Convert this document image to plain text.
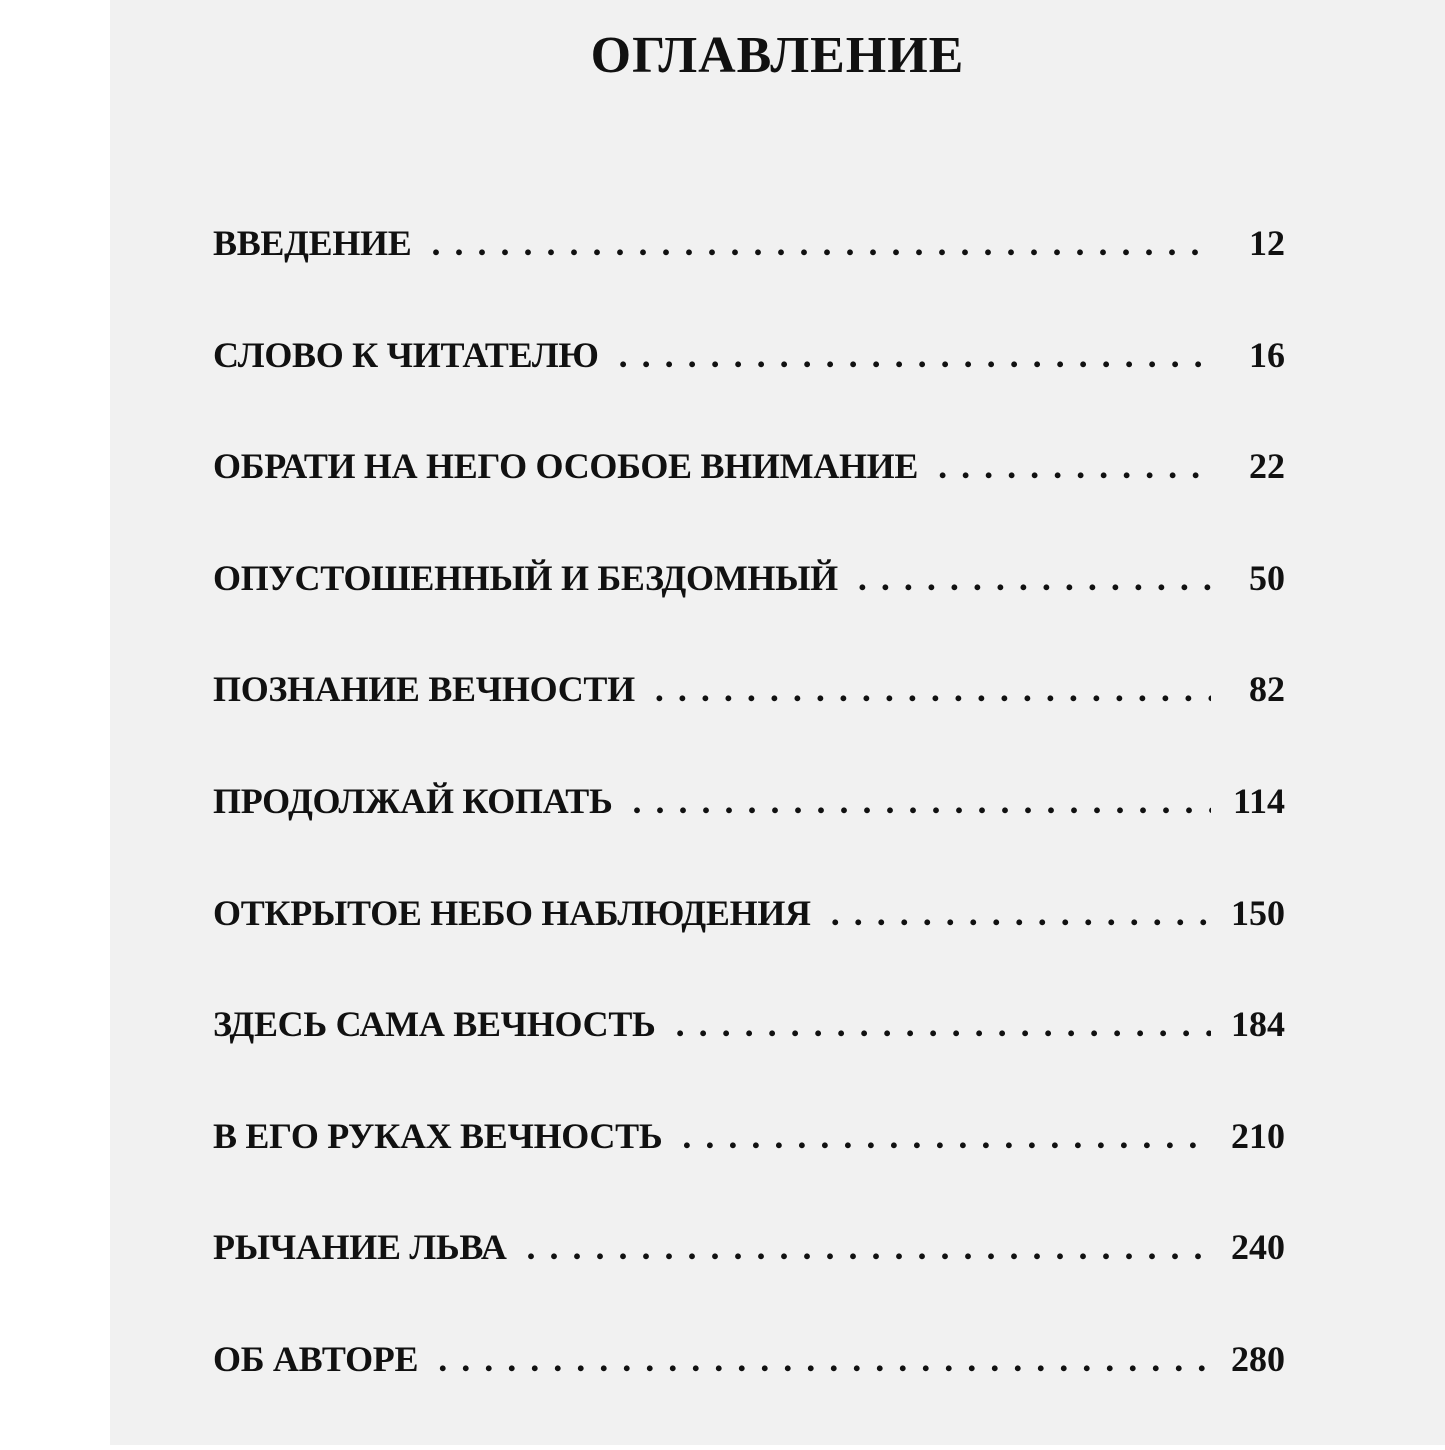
ОГЛАВЛЕНИЕ
ВВЕДЕНИЕ .....	12
СЛОВО К ЧИТАТЕЛЮ .....	16
ОБРАТИ НА НЕГО ОСОБОЕ ВНИМАНИЕ .....	22
ОПУСТОШЕННЫЙ И БЕЗДОМНЫЙ .....	50
ПОЗНАНИЕ ВЕЧНОСТИ .....	82
ПРОДОЛЖАЙ КОПАТЬ .....	114
ОТКРЫТОЕ НЕБО НАБЛЮДЕНИЯ .....	150
ЗДЕСЬ САМА ВЕЧНОСТЬ .....	184
В ЕГО РУКАХ ВЕЧНОСТЬ .....	210
РЫЧАНИЕ ЛЬВА .....	240
ОБ АВТОРЕ .....	280
